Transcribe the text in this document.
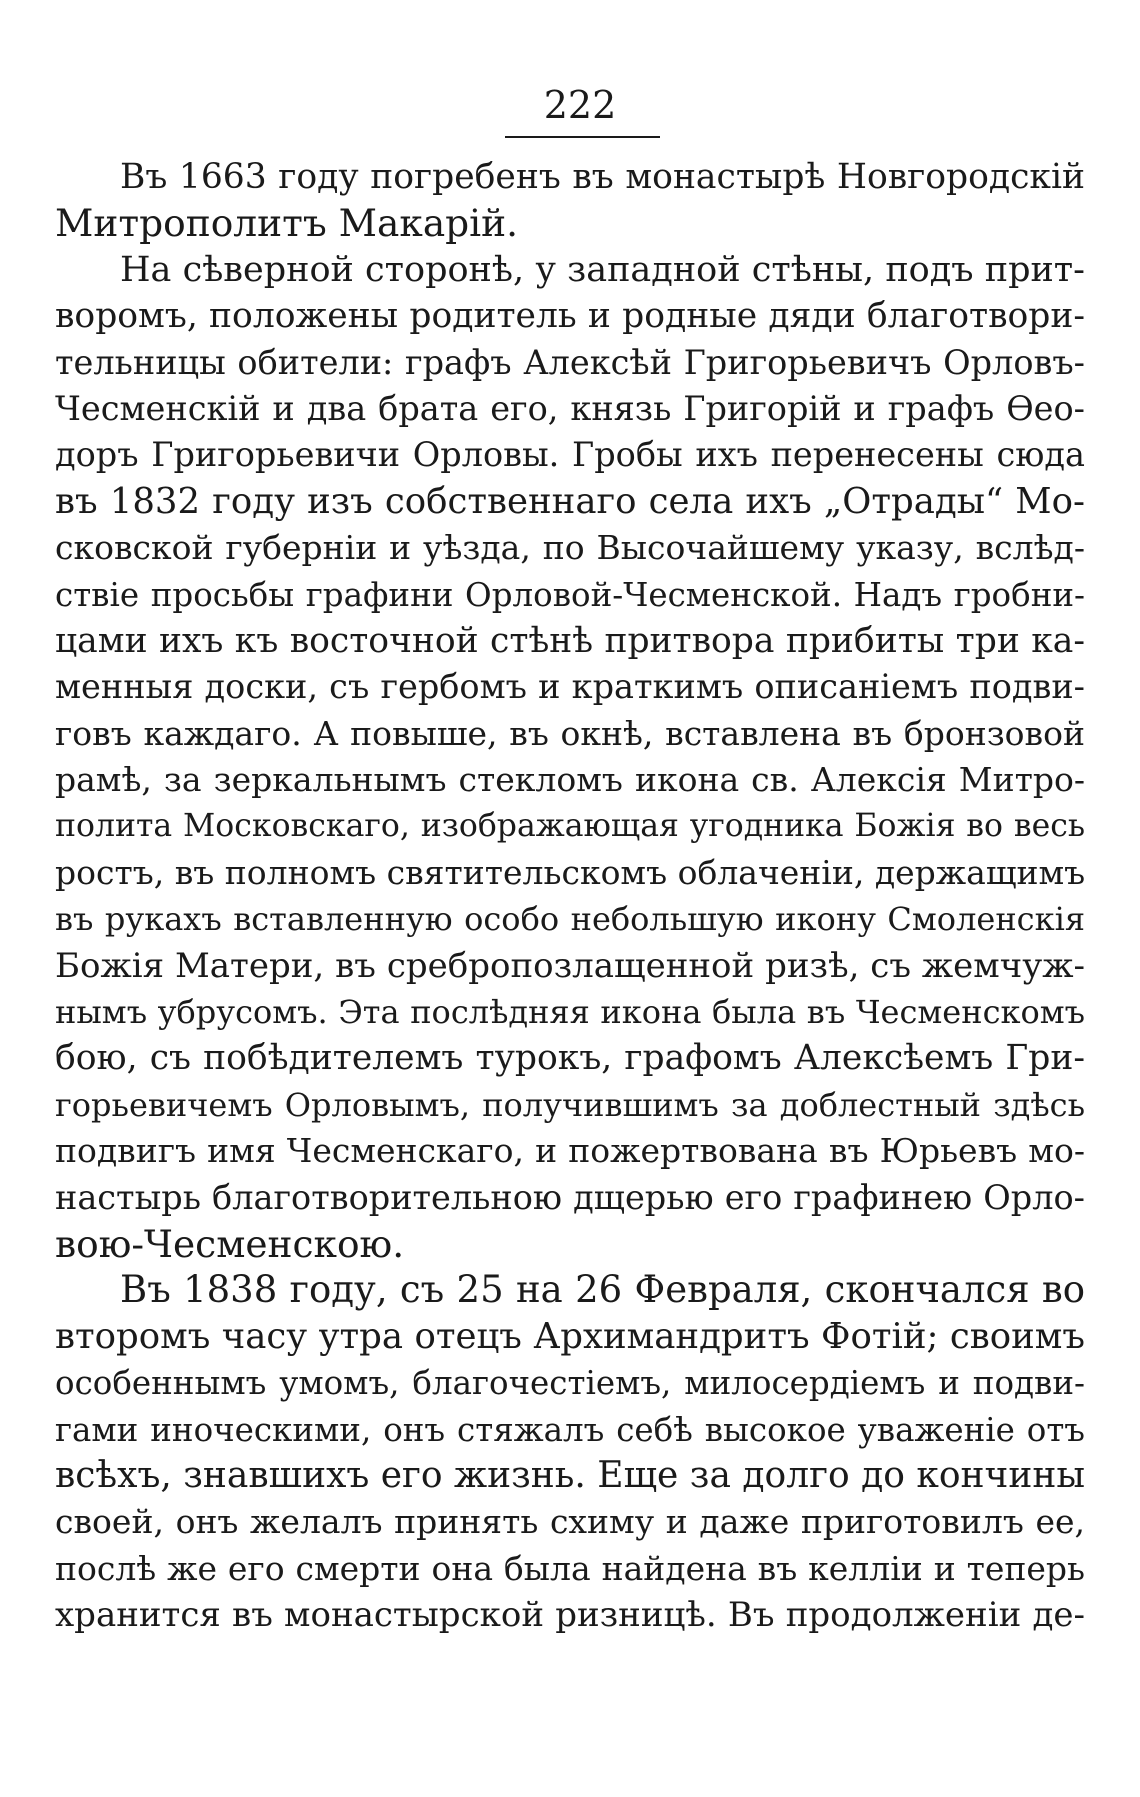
222
Въ 1663 году погребенъ въ монастырѣ Новгородскій
Митрополитъ Макарій.
На сѣверной сторонѣ, у западной стѣны, подъ прит-
воромъ, положены родитель и родные дяди благотвори-
тельницы обители: графъ Алексѣй Григорьевичъ Орловъ-
Чесменскій и два брата его, князь Григорій и графъ Ѳео-
доръ Григорьевичи Орловы. Гробы ихъ перенесены сюда
въ 1832 году изъ собственнаго села ихъ „Отрады“ Мо-
сковской губерніи и уѣзда, по Высочайшему указу, вслѣд-
ствіе просьбы графини Орловой-Чесменской. Надъ гробни-
цами ихъ къ восточной стѣнѣ притвора прибиты три ка-
менныя доски, съ гербомъ и краткимъ описаніемъ подви-
говъ каждаго. А повыше, въ окнѣ, вставлена въ бронзовой
рамѣ, за зеркальнымъ стекломъ икона св. Алексія Митро-
полита Московскаго, изображающая угодника Божія во весь
ростъ, въ полномъ святительскомъ облаченіи, держащимъ
въ рукахъ вставленную особо небольшую икону Смоленскія
Божія Матери, въ сребропозлащенной ризѣ, съ жемчуж-
нымъ убрусомъ. Эта послѣдняя икона была въ Чесменскомъ
бою, съ побѣдителемъ турокъ, графомъ Алексѣемъ Гри-
горьевичемъ Орловымъ, получившимъ за доблестный здѣсь
подвигъ имя Чесменскаго, и пожертвована въ Юрьевъ мо-
настырь благотворительною дщерью его графинею Орло-
вою-Чесменскою.
Въ 1838 году, съ 25 на 26 Февраля, скончался во
второмъ часу утра отецъ Архимандритъ Фотій; своимъ
особеннымъ умомъ, благочестіемъ, милосердіемъ и подви-
гами иноческими, онъ стяжалъ себѣ высокое уваженіе отъ
всѣхъ, знавшихъ его жизнь. Еще за долго до кончины
своей, онъ желалъ принять схиму и даже приготовилъ ее,
послѣ же его смерти она была найдена въ келліи и теперь
хранится въ монастырской ризницѣ. Въ продолженіи де-
